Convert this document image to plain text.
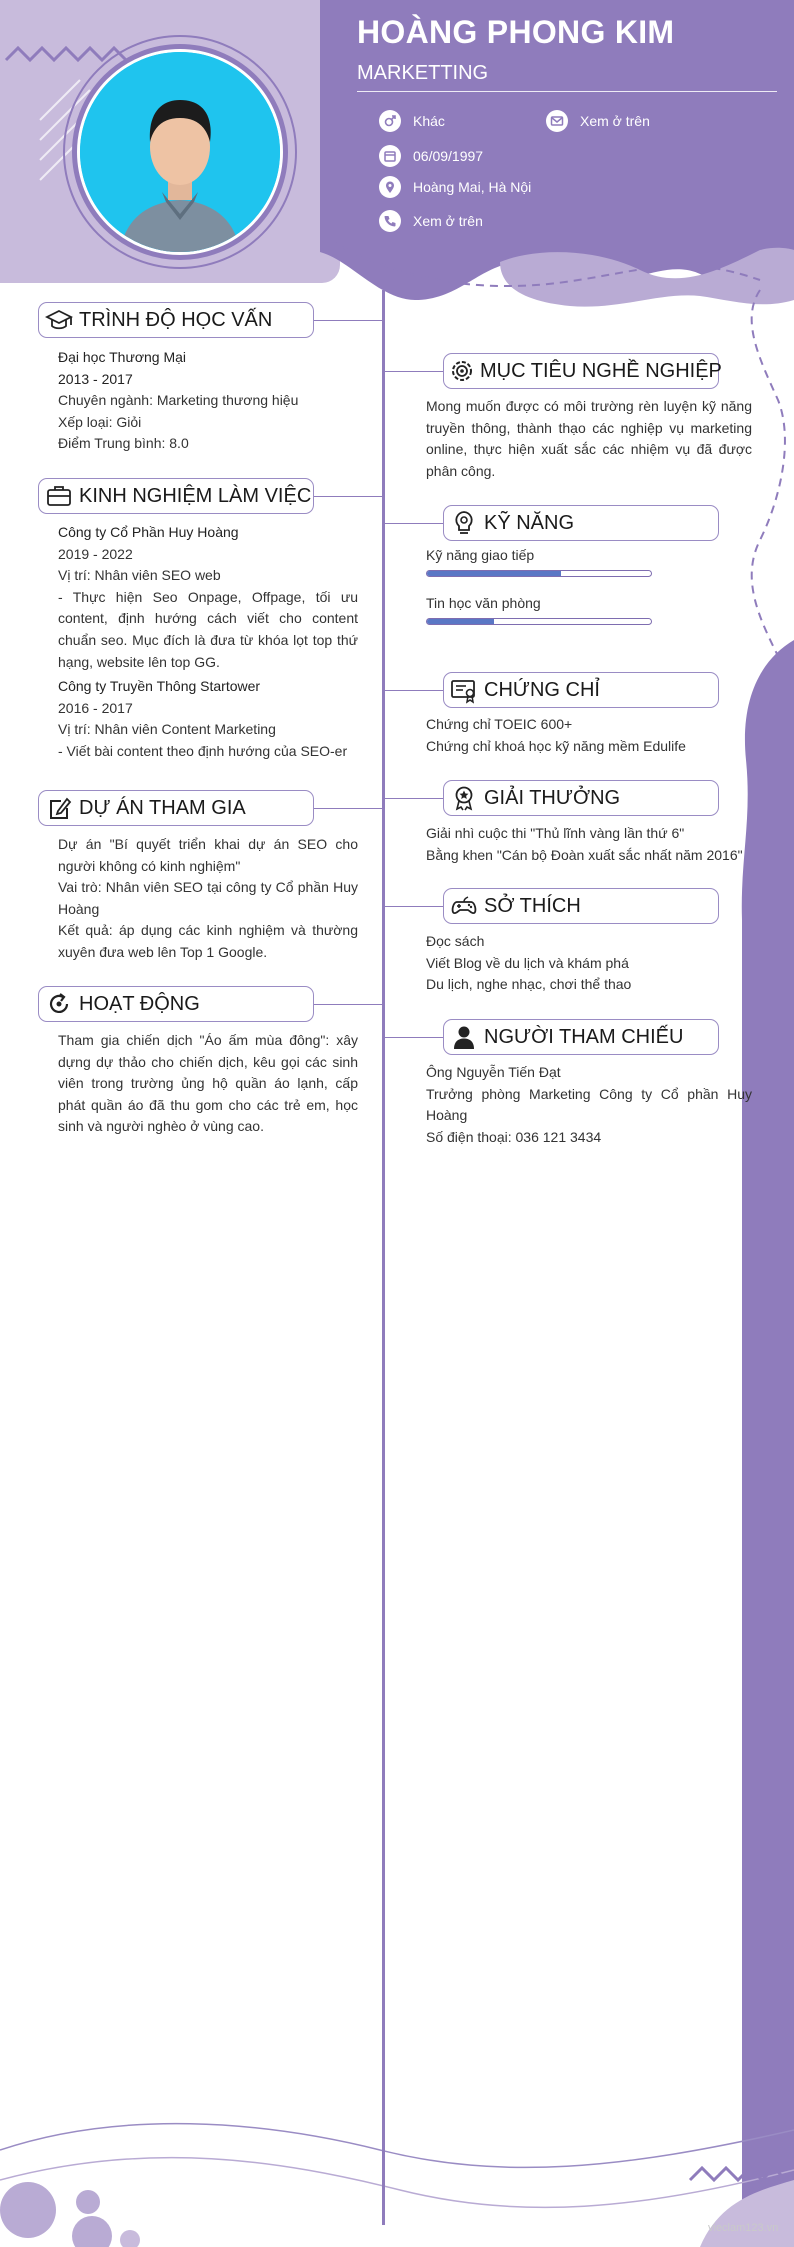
HOÀNG PHONG KIM
MARKETTING
Khác	Xem ở trên
06/09/1997
Hoàng Mai, Hà Nội
Xem ở trên
TRÌNH ĐỘ HỌC VẤN

Đại học Thương Mại

2013 - 2017

Chuyên ngành: Marketing thương hiệu

Xếp loại: Giỏi

Điểm Trung bình: 8.0

KINH NGHIỆM LÀM VIỆC

Công ty Cổ Phần Huy Hoàng

2019 - 2022

Vị trí: Nhân viên SEO web

- Thực hiện Seo Onpage, Offpage, tối ưu content, định hướng cách viết cho content chuẩn seo. Mục đích là đưa từ khóa lọt top thứ hạng, website lên top GG.

Công ty Truyền Thông Startower

2016 - 2017

Vị trí: Nhân viên Content Marketing

- Viết bài content theo định hướng của SEO-er

DỰ ÁN THAM GIA

Dự án "Bí quyết triển khai dự án SEO cho người không có kinh nghiệm"

Vai trò: Nhân viên SEO tại công ty Cổ phần Huy Hoàng

Kết quả: áp dụng các kinh nghiệm và thường xuyên đưa web lên Top 1 Google.

HOẠT ĐỘNG
Tham gia chiến dịch "Áo ấm mùa đông": xây dựng dự thảo cho chiến dịch, kêu gọi các sinh viên trong trường ủng hộ quần áo lạnh, cấp phát quần áo đã thu gom cho các trẻ em, học sinh và người nghèo ở vùng cao.
MỤC TIÊU NGHỀ NGHIỆP
Mong muốn được có môi trường rèn luyện kỹ năng truyền thông, thành thạo các nghiệp vụ marketing online, thực hiện xuất sắc các nhiệm vụ đã được phân công.
KỸ NĂNG
Kỹ năng giao tiếp
Tin học văn phòng
CHỨNG CHỈ

Chứng chỉ TOEIC 600+

Chứng chỉ khoá học kỹ năng mềm Edulife

GIẢI THƯỞNG

Giải nhì cuộc thi "Thủ lĩnh vàng lần thứ 6"

Bằng khen "Cán bộ Đoàn xuất sắc nhất năm 2016"

SỞ THÍCH

Đọc sách

Viết Blog về du lịch và khám phá

Du lịch, nghe nhạc, chơi thể thao

NGƯỜI THAM CHIẾU

Ông Nguyễn Tiến Đạt

Trưởng phòng Marketing Công ty Cổ phần Huy Hoàng

Số điện thoại: 036 121 3434

vieclam123.vn
